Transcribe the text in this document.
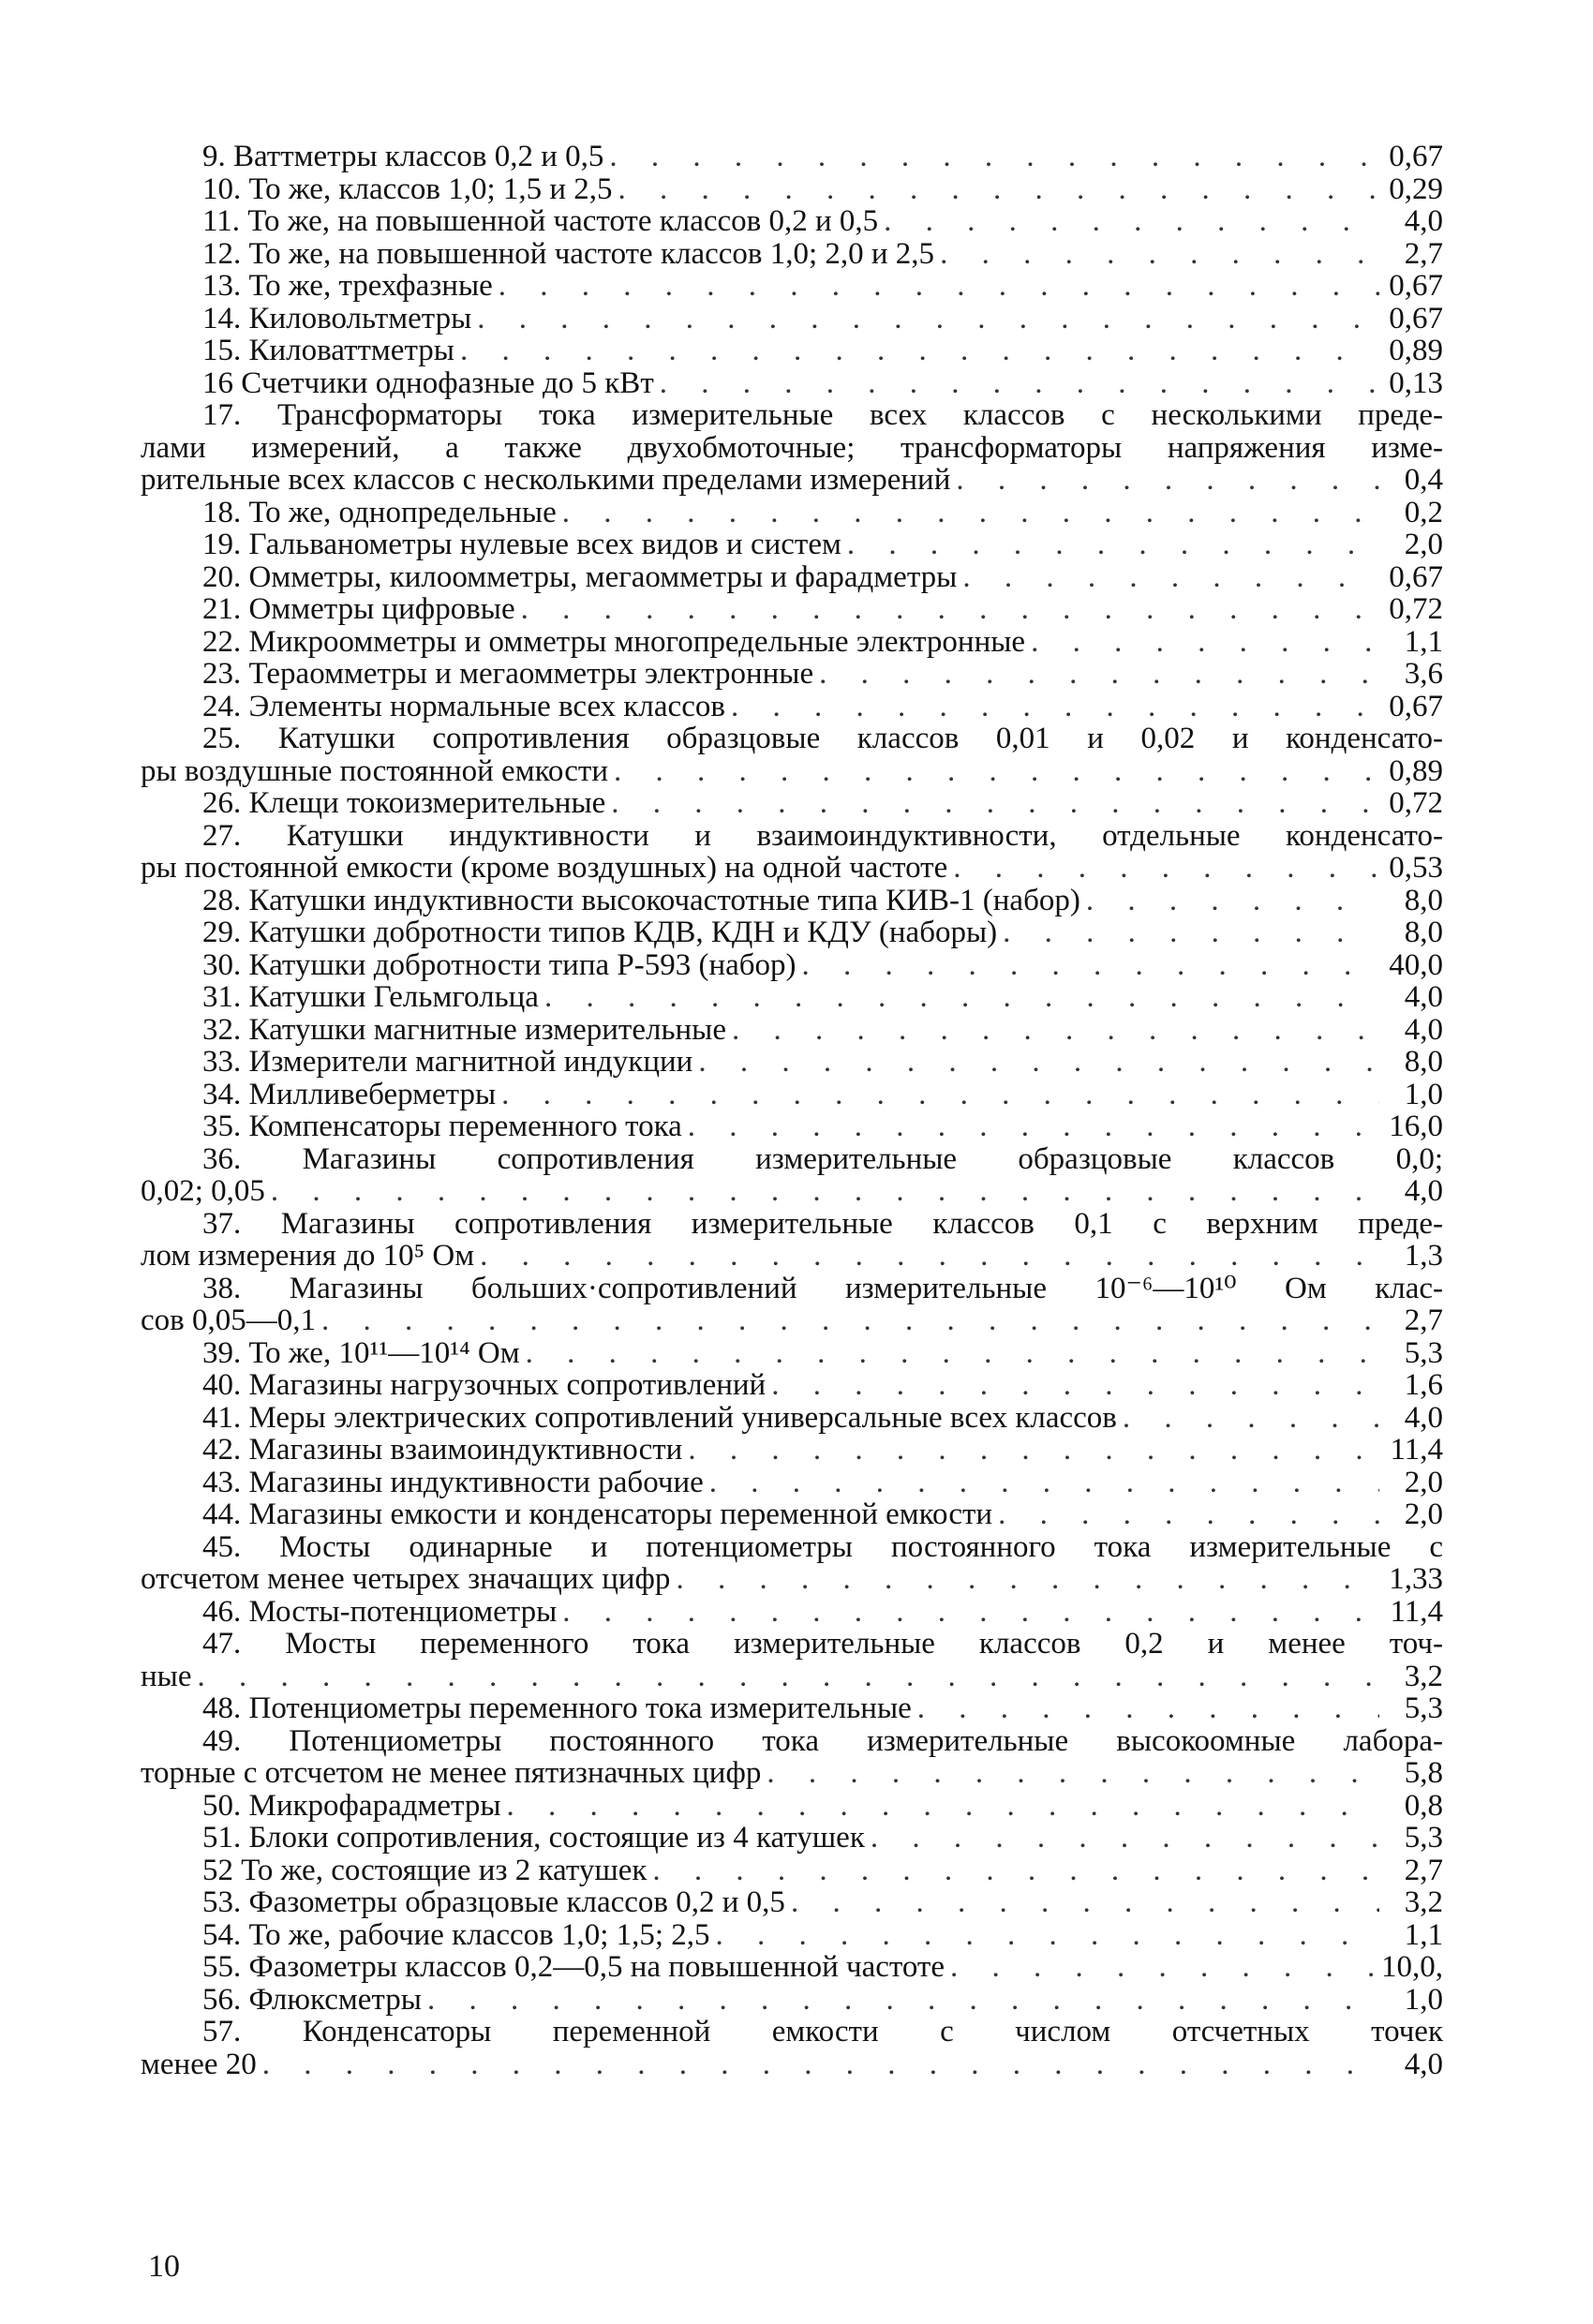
9. Ваттметры классов 0,2 и 0,5 . . .	0,67
10. То же, классов 1,0; 1,5 и 2,5 . . .	0,29
11. То же, на повышенной частоте классов 0,2 и 0,5 . . .	4,0
12. То же, на повышенной частоте классов 1,0; 2,0 и 2,5 . . .	2,7
13. То же, трехфазные . . .	0,67
14. Киловольтметры . . .	0,67
15. Киловаттметры . . .	0,89
16 Счетчики однофазные до 5 кВт . . .	0,13
17. Трансформаторы тока измерительные всех классов с несколькими преде-
лами измерений, а также двухобмоточные; трансформаторы напряжения изме-
рительные всех классов с несколькими пределами измерений . . .	0,4
18. То же, однопредельные . . .	0,2
19. Гальванометры нулевые всех видов и систем . . .	2,0
20. Омметры, килоомметры, мегаомметры и фарадметры . . .	0,67
21. Омметры цифровые . . .	0,72
22. Микроомметры и омметры многопредельные электронные . . .	1,1
23. Тераомметры и мегаомметры электронные . . .	3,6
24. Элементы нормальные всех классов . . .	0,67
25. Катушки сопротивления образцовые классов 0,01 и 0,02 и конденсато-
ры воздушные постоянной емкости . . .	0,89
26. Клещи токоизмерительные . . .	0,72
27. Катушки индуктивности и взаимоиндуктивности, отдельные конденсато-
ры постоянной емкости (кроме воздушных) на одной частоте . . .	0,53
28. Катушки индуктивности высокочастотные типа КИВ-1 (набор) . . .	8,0
29. Катушки добротности типов КДВ, КДН и КДУ (наборы) . . .	8,0
30. Катушки добротности типа Р-593 (набор) . . .	40,0
31. Катушки Гельмгольца . . .	4,0
32. Катушки магнитные измерительные . . .	4,0
33. Измерители магнитной индукции . . .	8,0
34. Милливеберметры . . .	1,0
35. Компенсаторы переменного тока . . .	16,0
36. Магазины сопротивления измерительные образцовые классов 0,0;
0,02; 0,05 . . .	4,0
37. Магазины сопротивления измерительные классов 0,1 с верхним преде-
лом измерения до 10⁵ Ом . . .	1,3
38. Магазины больших·сопротивлений измерительные 10⁻⁶—10¹⁰ Ом клас-
сов 0,05—0,1 . . .	2,7
39. То же, 10¹¹—10¹⁴ Ом . . .	5,3
40. Магазины нагрузочных сопротивлений . . .	1,6
41. Меры электрических сопротивлений универсальные всех классов . . .	4,0
42. Магазины взаимоиндуктивности . . .	11,4
43. Магазины индуктивности рабочие . . .	2,0
44. Магазины емкости и конденсаторы переменной емкости . . .	2,0
45. Мосты одинарные и потенциометры постоянного тока измерительные с
отсчетом менее четырех значащих цифр . . .	1,33
46. Мосты-потенциометры . . .	11,4
47. Мосты переменного тока измерительные классов 0,2 и менее точ-
ные . . .	3,2
48. Потенциометры переменного тока измерительные . . .	5,3
49. Потенциометры постоянного тока измерительные высокоомные лабора-
торные с отсчетом не менее пятизначных цифр . . .	5,8
50. Микрофарадметры . . .	0,8
51. Блоки сопротивления, состоящие из 4 катушек . . .	5,3
52 То же, состоящие из 2 катушек . . .	2,7
53. Фазометры образцовые классов 0,2 и 0,5 . . .	3,2
54. То же, рабочие классов 1,0; 1,5; 2,5 . . .	1,1
55. Фазометры классов 0,2—0,5 на повышенной частоте . . .	10,0,
56. Флюксметры . . .	1,0
57. Конденсаторы переменной емкости с числом отсчетных точек
менее 20 . . .	4,0
10
